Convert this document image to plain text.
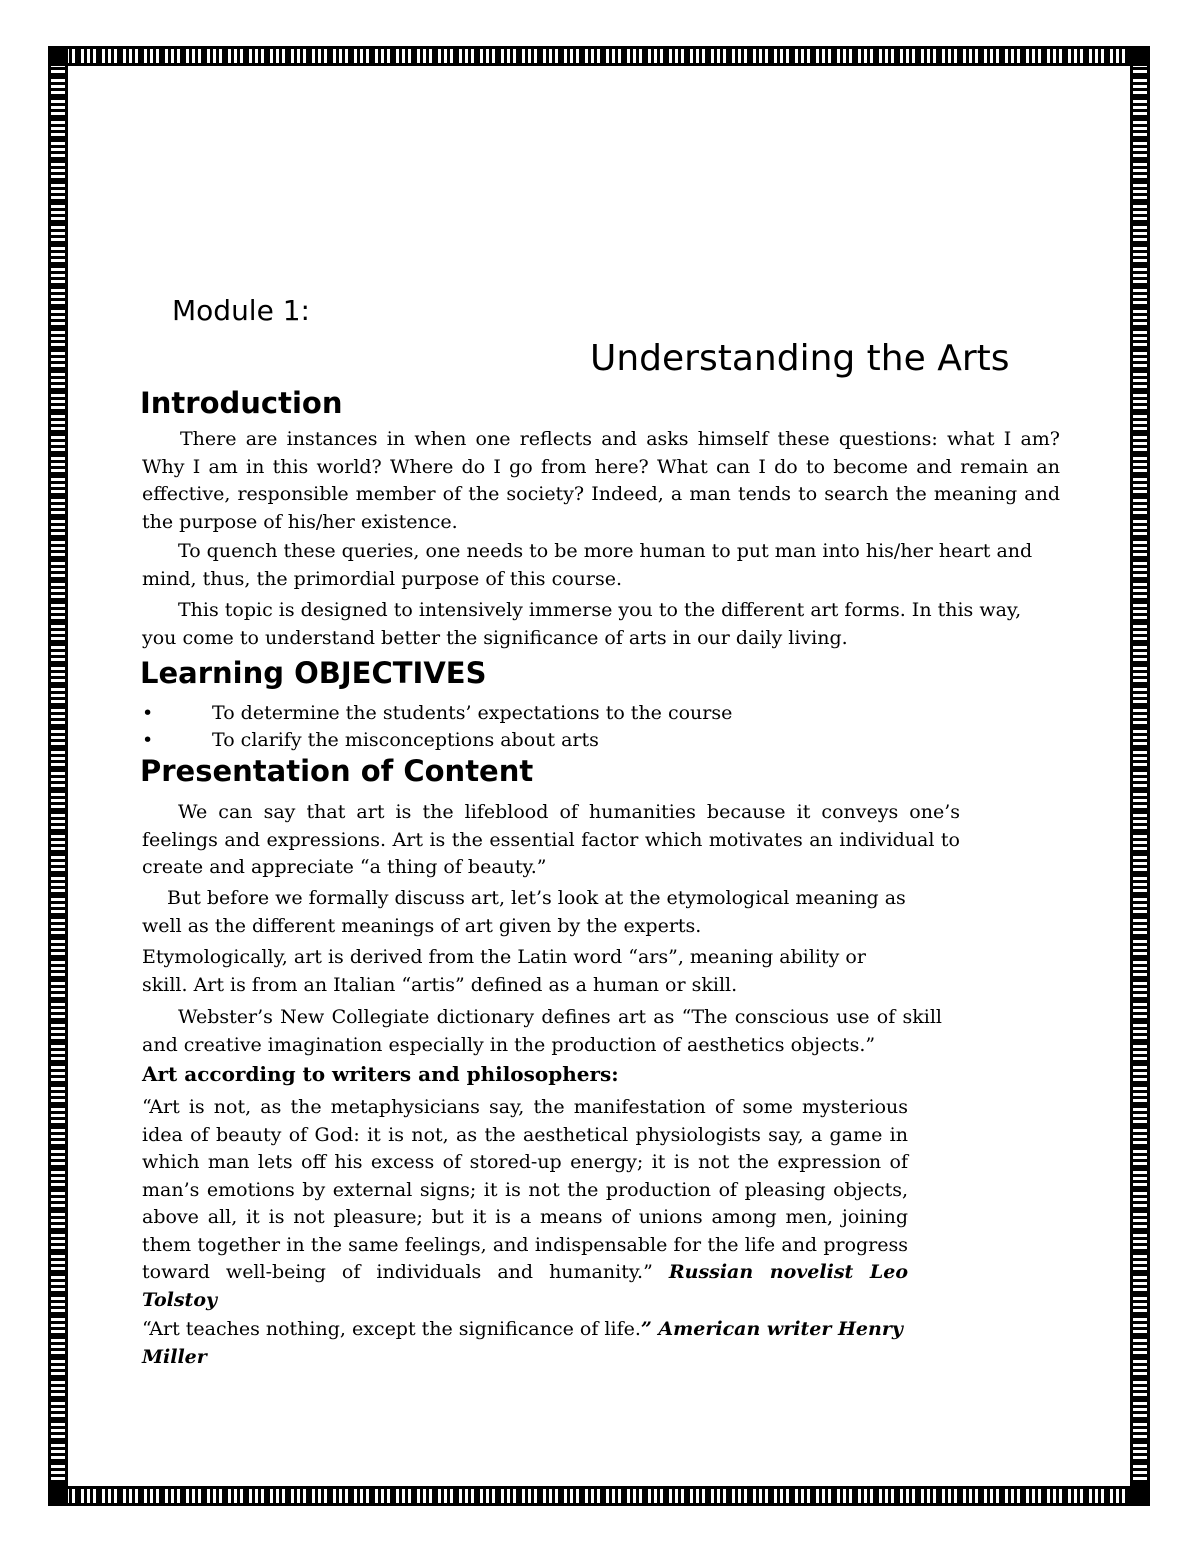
Module 1:
Understanding the Arts
Introduction

There are instances in when one reflects and asks himself these questions: what I am? Why I am in this world? Where do I go from here? What can I do to become and remain an effective, responsible member of the society? Indeed, a man tends to search the meaning and the purpose of his/her existence.

To quench these queries, one needs to be more human to put man into his/her heart and mind, thus, the primordial purpose of this course.

This topic is designed to intensively immerse you to the different art forms. In this way, you come to understand better the significance of arts in our daily living.

Learning OBJECTIVES
•	To determine the students’ expectations to the course
•	To clarify the misconceptions about arts
Presentation of Content

We can say that art is the lifeblood of humanities because it conveys one’s feelings and expressions. Art is the essential factor which motivates an individual to create and appreciate “a thing of beauty.”

But before we formally discuss art, let’s look at the etymological meaning as well as the different meanings of art given by the experts.

Etymologically, art is derived from the Latin word “ars”, meaning ability or skill. Art is from an Italian “artis” defined as a human or skill.

Webster’s New Collegiate dictionary defines art as “The conscious use of skill and creative imagination especially in the production of aesthetics objects.”

Art according to writers and philosophers:

“Art is not, as the metaphysicians say, the manifestation of some mysterious idea of beauty of God: it is not, as the aesthetical physiologists say, a game in which man lets off his excess of stored-up energy; it is not the expression of man’s emotions by external signs; it is not the production of pleasing objects, above all, it is not pleasure; but it is a means of unions among men, joining them together in the same feelings, and indispensable for the life and progress toward well-being of individuals and humanity.” Russian novelist Leo Tolstoy

“Art teaches nothing, except the significance of life.” American writer Henry Miller
